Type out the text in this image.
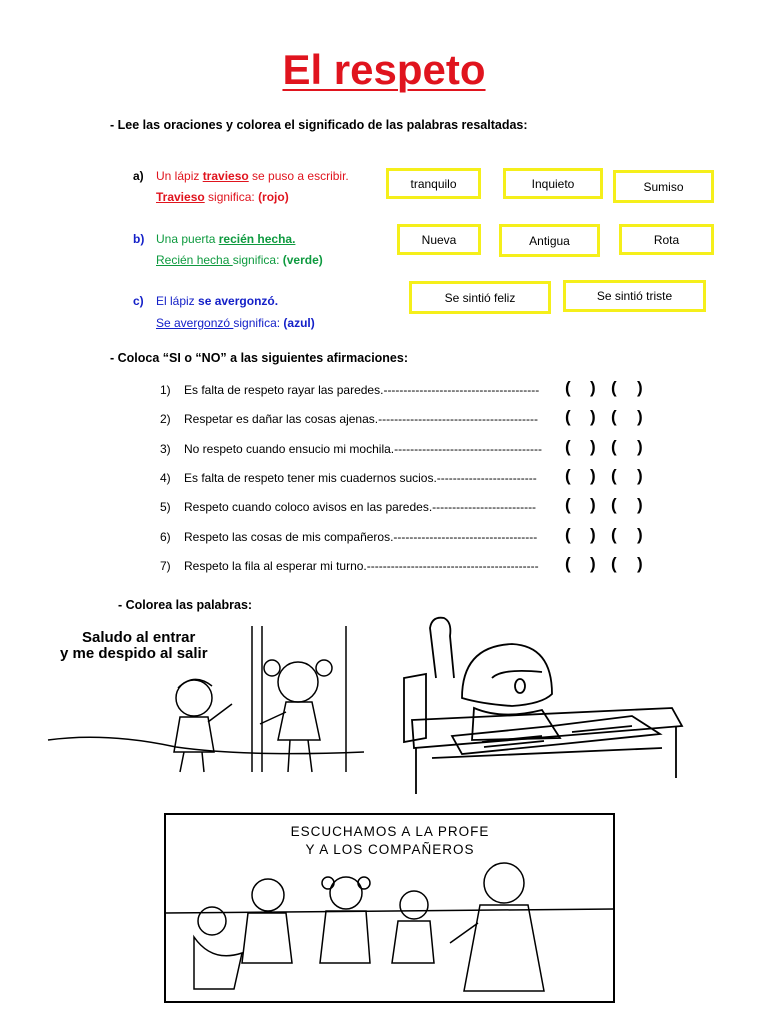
El respeto
- Lee las oraciones y colorea el significado de las palabras resaltadas:
a) Un lápiz travieso se puso a escribir.
Travieso significa: (rojo)
b) Una puerta recién hecha.
Recién hecha significa: (verde)
c) El lápiz se avergonzó.
Se avergonzó significa: (azul)
tranquilo	Inquieto	Sumiso
Nueva	Antigua	Rota
Se sintió feliz	Se sintió triste
- Coloca “SI o “NO” a las siguientes afirmaciones:
1) Es falta de respeto rayar las paredes.---------------------------------------	( ) ( )
2) Respetar es dañar las cosas ajenas.----------------------------------------	( ) ( )
3) No respeto cuando ensucio mi mochila.-------------------------------------	( ) ( )
4) Es falta de respeto tener mis cuadernos sucios.-------------------------	( ) ( )
5) Respeto cuando coloco avisos en las paredes.--------------------------	( ) ( )
6) Respeto las cosas de mis compañeros.------------------------------------	( ) ( )
7) Respeto la fila al esperar mi turno.-------------------------------------------	( ) ( )
- Colorea las palabras:
Saludo al entrar
y me despido al salir
ESCUCHAMOS A LA PROFE
Y A LOS COMPAÑEROS
